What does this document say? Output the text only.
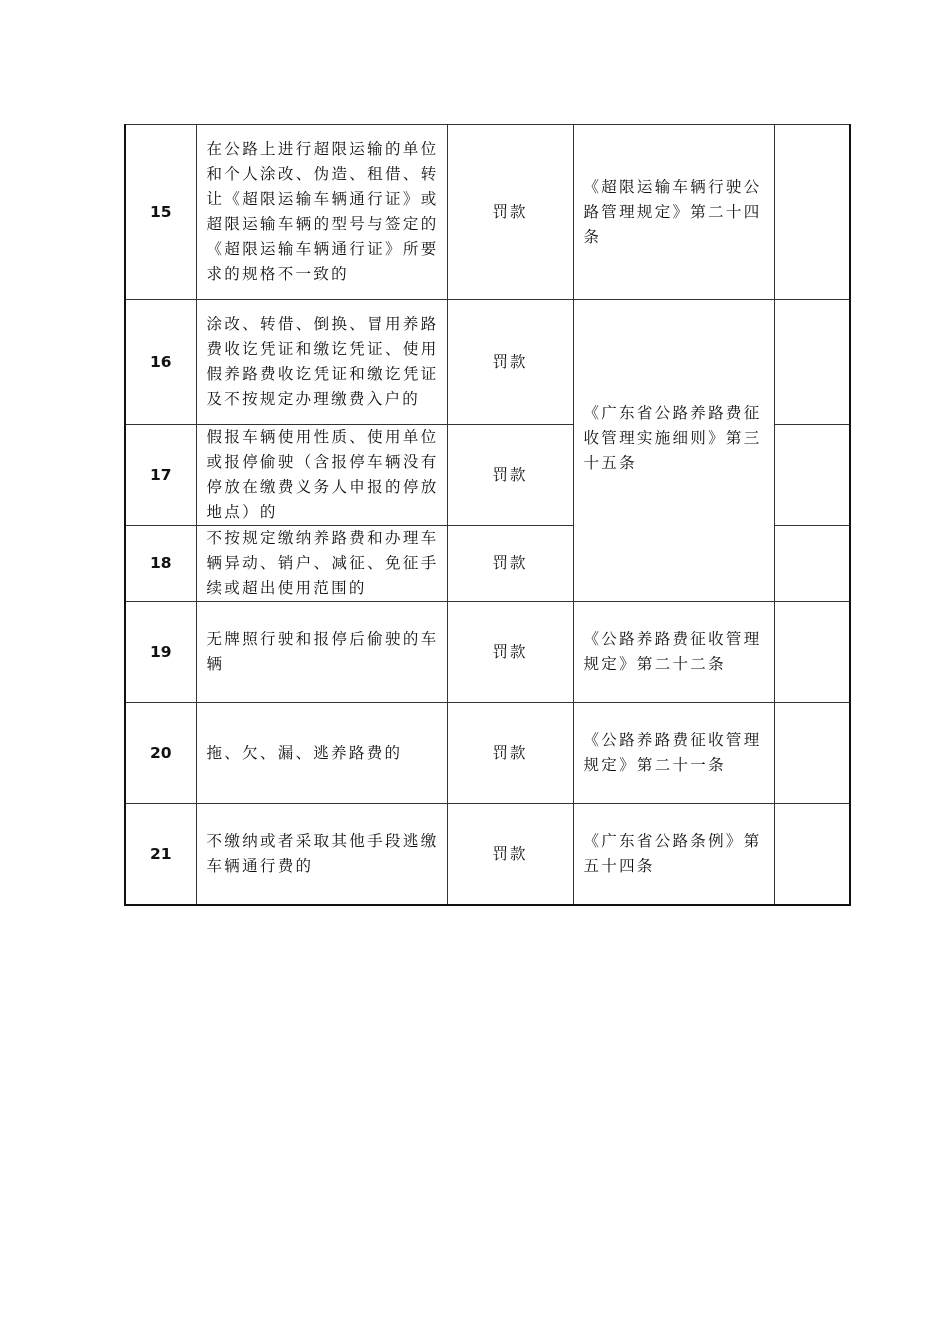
15	在公路上进行超限运输的单位和个人涂改、伪造、租借、转让《超限运输车辆通行证》或超限运输车辆的型号与签定的《超限运输车辆通行证》所要求的规格不一致的	罚款	《超限运输车辆行驶公路管理规定》第二十四条	
16	涂改、转借、倒换、冒用养路费收讫凭证和缴讫凭证、使用假养路费收讫凭证和缴讫凭证及不按规定办理缴费入户的	罚款	《广东省公路养路费征收管理实施细则》第三十五条	
17	假报车辆使用性质、使用单位或报停偷驶（含报停车辆没有停放在缴费义务人申报的停放地点）的	罚款		
18	不按规定缴纳养路费和办理车辆异动、销户、减征、免征手续或超出使用范围的	罚款		
19	无牌照行驶和报停后偷驶的车辆	罚款	《公路养路费征收管理规定》第二十二条	
20	拖、欠、漏、逃养路费的	罚款	《公路养路费征收管理规定》第二十一条	
21	不缴纳或者采取其他手段逃缴车辆通行费的	罚款	《广东省公路条例》第五十四条	
